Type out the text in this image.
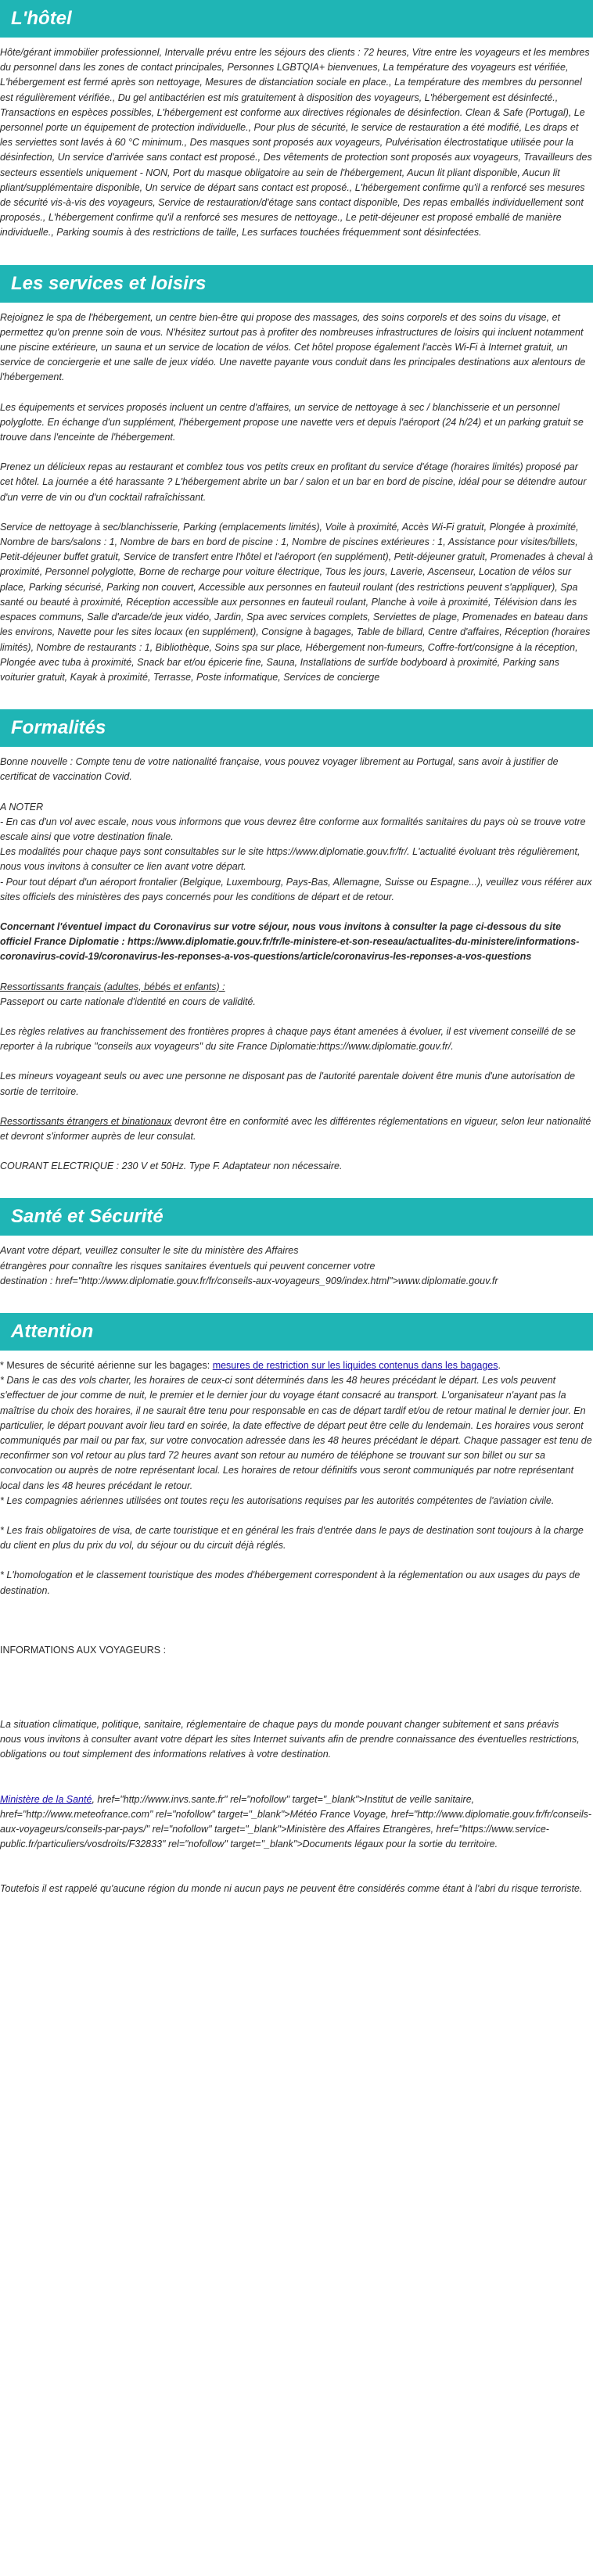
L'hôtel

Hôte/gérant immobilier professionnel, Intervalle prévu entre les séjours des clients : 72 heures, Vitre entre les voyageurs et les membres du personnel dans les zones de contact principales, Personnes LGBTQIA+ bienvenues, La température des voyageurs est vérifiée, L'hébergement est fermé après son nettoyage, Mesures de distanciation sociale en place., La température des membres du personnel est régulièrement vérifiée., Du gel antibactérien est mis gratuitement à disposition des voyageurs, L'hébergement est désinfecté., Transactions en espèces possibles, L'hébergement est conforme aux directives régionales de désinfection. Clean & Safe (Portugal), Le personnel porte un équipement de protection individuelle., Pour plus de sécurité, le service de restauration a été modifié, Les draps et les serviettes sont lavés à 60 °C minimum., Des masques sont proposés aux voyageurs, Pulvérisation électrostatique utilisée pour la désinfection, Un service d'arrivée sans contact est proposé., Des vêtements de protection sont proposés aux voyageurs, Travailleurs des secteurs essentiels uniquement - NON, Port du masque obligatoire au sein de l'hébergement, Aucun lit pliant disponible, Aucun lit pliant/supplémentaire disponible, Un service de départ sans contact est proposé., L'hébergement confirme qu'il a renforcé ses mesures de sécurité vis-à-vis des voyageurs, Service de restauration/d'étage sans contact disponible, Des repas emballés individuellement sont proposés., L'hébergement confirme qu'il a renforcé ses mesures de nettoyage., Le petit-déjeuner est proposé emballé de manière individuelle., Parking soumis à des restrictions de taille, Les surfaces touchées fréquemment sont désinfectées.

Les services et loisirs

Rejoignez le spa de l'hébergement, un centre bien-être qui propose des massages, des soins corporels et des soins du visage, et permettez qu'on prenne soin de vous. N'hésitez surtout pas à profiter des nombreuses infrastructures de loisirs qui incluent notamment une piscine extérieure, un sauna et un service de location de vélos. Cet hôtel propose également l'accès Wi-Fi à Internet gratuit, un service de conciergerie et une salle de jeux vidéo. Une navette payante vous conduit dans les principales destinations aux alentours de l'hébergement.

Les équipements et services proposés incluent un centre d'affaires, un service de nettoyage à sec / blanchisserie et un personnel polyglotte. En échange d'un supplément, l'hébergement propose une navette vers et depuis l'aéroport (24 h/24) et un parking gratuit se trouve dans l'enceinte de l'hébergement.

Prenez un délicieux repas au restaurant et comblez tous vos petits creux en profitant du service d'étage (horaires limités) proposé par cet hôtel. La journée a été harassante ? L'hébergement abrite un bar / salon et un bar en bord de piscine, idéal pour se détendre autour d'un verre de vin ou d'un cocktail rafraîchissant.

Service de nettoyage à sec/blanchisserie, Parking (emplacements limités), Voile à proximité, Accès Wi-Fi gratuit, Plongée à proximité, Nombre de bars/salons : 1, Nombre de bars en bord de piscine : 1, Nombre de piscines extérieures : 1, Assistance pour visites/billets, Petit-déjeuner buffet gratuit, Service de transfert entre l'hôtel et l'aéroport (en supplément), Petit-déjeuner gratuit, Promenades à cheval à proximité, Personnel polyglotte, Borne de recharge pour voiture électrique, Tous les jours, Laverie, Ascenseur, Location de vélos sur place, Parking sécurisé, Parking non couvert, Accessible aux personnes en fauteuil roulant (des restrictions peuvent s'appliquer), Spa santé ou beauté à proximité, Réception accessible aux personnes en fauteuil roulant, Planche à voile à proximité, Télévision dans les espaces communs, Salle d'arcade/de jeux vidéo, Jardin, Spa avec services complets, Serviettes de plage, Promenades en bateau dans les environs, Navette pour les sites locaux (en supplément), Consigne à bagages, Table de billard, Centre d'affaires, Réception (horaires limités), Nombre de restaurants : 1, Bibliothèque, Soins spa sur place, Hébergement non-fumeurs, Coffre-fort/consigne à la réception, Plongée avec tuba à proximité, Snack bar et/ou épicerie fine, Sauna, Installations de surf/de bodyboard à proximité, Parking sans voiturier gratuit, Kayak à proximité, Terrasse, Poste informatique, Services de concierge

Formalités

Bonne nouvelle : Compte tenu de votre nationalité française, vous pouvez voyager librement au Portugal, sans avoir à justifier de certificat de vaccination Covid.

A NOTER

- En cas d'un vol avec escale, nous vous informons que vous devrez être conforme aux formalités sanitaires du pays où se trouve votre escale ainsi que votre destination finale.

Les modalités pour chaque pays sont consultables sur le site https://www.diplomatie.gouv.fr/fr/. L'actualité évoluant très régulièrement, nous vous invitons à consulter ce lien avant votre départ.

- Pour tout départ d'un aéroport frontalier (Belgique, Luxembourg, Pays-Bas, Allemagne, Suisse ou Espagne...), veuillez vous référer aux sites officiels des ministères des pays concernés pour les conditions de départ et de retour.

Concernant l'éventuel impact du Coronavirus sur votre séjour, nous vous invitons à consulter la page ci-dessous du site officiel France Diplomatie : https://www.diplomatie.gouv.fr/fr/le-ministere-et-son-reseau/actualites-du-ministere/informations-coronavirus-covid-19/coronavirus-les-reponses-a-vos-questions/article/coronavirus-les-reponses-a-vos-questions

Ressortissants français (adultes, bébés et enfants) :

Passeport ou carte nationale d'identité en cours de validité.

Les règles relatives au franchissement des frontières propres à chaque pays étant amenées à évoluer, il est vivement conseillé de se reporter à la rubrique "conseils aux voyageurs" du site France Diplomatie:https://www.diplomatie.gouv.fr/.

Les mineurs voyageant seuls ou avec une personne ne disposant pas de l'autorité parentale doivent être munis d'une autorisation de sortie de territoire.

Ressortissants étrangers et binationaux devront être en conformité avec les différentes réglementations en vigueur, selon leur nationalité et devront s'informer auprès de leur consulat.

COURANT ELECTRIQUE : 230 V et 50Hz. Type F. Adaptateur non nécessaire.

Santé et Sécurité

Avant votre départ, veuillez consulter le site du ministère des Affaires

étrangères pour connaître les risques sanitaires éventuels qui peuvent concerner votre

destination : href="http://www.diplomatie.gouv.fr/fr/conseils-aux-voyageurs_909/index.html">www.diplomatie.gouv.fr

Attention

* Mesures de sécurité aérienne sur les bagages: mesures de restriction sur les liquides contenus dans les bagages.

* Dans le cas des vols charter, les horaires de ceux-ci sont déterminés dans les 48 heures précédant le départ. Les vols peuvent s'effectuer de jour comme de nuit, le premier et le dernier jour du voyage étant consacré au transport. L'organisateur n'ayant pas la maîtrise du choix des horaires, il ne saurait être tenu pour responsable en cas de départ tardif et/ou de retour matinal le dernier jour. En particulier, le départ pouvant avoir lieu tard en soirée, la date effective de départ peut être celle du lendemain. Les horaires vous seront communiqués par mail ou par fax, sur votre convocation adressée dans les 48 heures précédant le départ. Chaque passager est tenu de reconfirmer son vol retour au plus tard 72 heures avant son retour au numéro de téléphone se trouvant sur son billet ou sur sa convocation ou auprès de notre représentant local. Les horaires de retour définitifs vous seront communiqués par notre représentant local dans les 48 heures précédant le retour.

* Les compagnies aériennes utilisées ont toutes reçu les autorisations requises par les autorités compétentes de l'aviation civile.

* Les frais obligatoires de visa, de carte touristique et en général les frais d'entrée dans le pays de destination sont toujours à la charge du client en plus du prix du vol, du séjour ou du circuit déjà réglés.

* L'homologation et le classement touristique des modes d'hébergement correspondent à la réglementation ou aux usages du pays de destination.

INFORMATIONS AUX VOYAGEURS :

La situation climatique, politique, sanitaire, réglementaire de chaque pays du monde pouvant changer subitement et sans préavis

nous vous invitons à consulter avant votre départ les sites Internet suivants afin de prendre connaissance des éventuelles restrictions, obligations ou tout simplement des informations relatives à votre destination.

Ministère de la Santé, href="http://www.invs.sante.fr" rel="nofollow" target="_blank">Institut de veille sanitaire, href="http://www.meteofrance.com" rel="nofollow" target="_blank">Météo France Voyage, href="http://www.diplomatie.gouv.fr/fr/conseils-aux-voyageurs/conseils-par-pays/" rel="nofollow" target="_blank">Ministère des Affaires Etrangères, href="https://www.service-public.fr/particuliers/vosdroits/F32833" rel="nofollow" target="_blank">Documents légaux pour la sortie du territoire.

Toutefois il est rappelé qu'aucune région du monde ni aucun pays ne peuvent être considérés comme étant à l'abri du risque terroriste.
